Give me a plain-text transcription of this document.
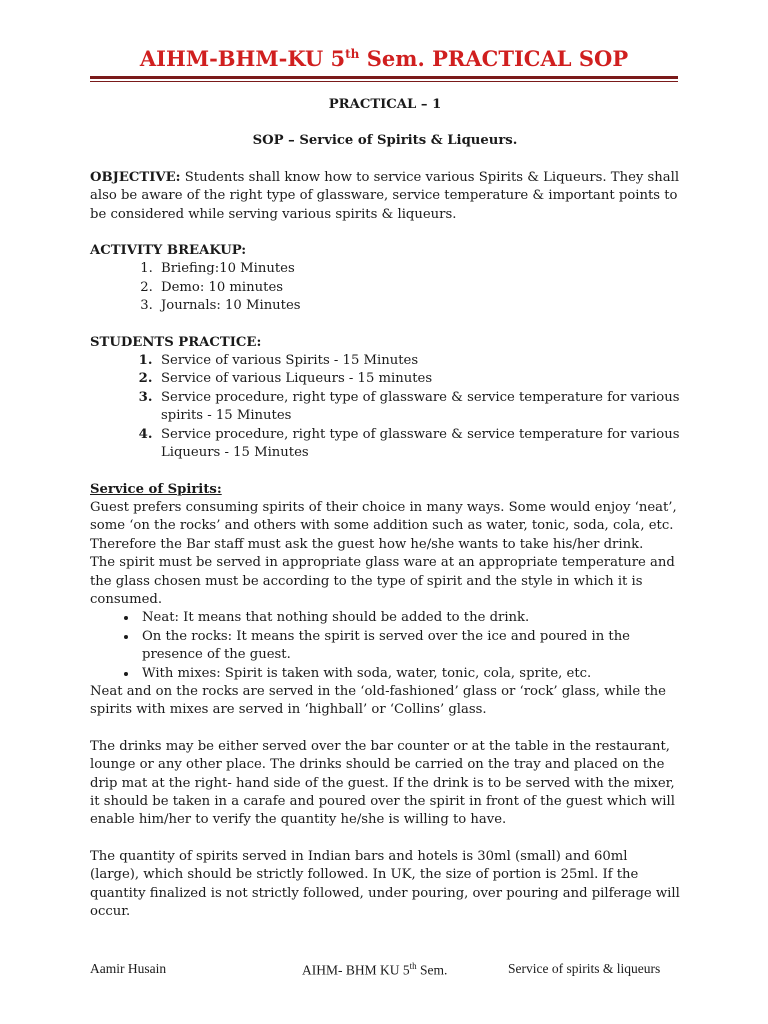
AIHM-BHM-KU 5th Sem. PRACTICAL SOP

PRACTICAL – 1

SOP – Service of Spirits & Liqueurs.

OBJECTIVE: Students shall know how to service various Spirits & Liqueurs. They shall also be aware of the right type of glassware, service temperature & important points to be considered while serving various spirits & liqueurs.

ACTIVITY BREAKUP:

1. Briefing:10 Minutes
2. Demo: 10 minutes
3. Journals: 10 Minutes

STUDENTS PRACTICE:

1. Service of various Spirits - 15 Minutes
2. Service of various Liqueurs - 15 minutes
3. Service procedure, right type of glassware & service temperature for various spirits - 15 Minutes
4. Service procedure, right type of glassware & service temperature for various Liqueurs - 15 Minutes

Service of Spirits:

Guest prefers consuming spirits of their choice in many ways. Some would enjoy ‘neat’, some ‘on the rocks’ and others with some addition such as water, tonic, soda, cola, etc. Therefore the Bar staff must ask the guest how he/she wants to take his/her drink.

The spirit must be served in appropriate glass ware at an appropriate temperature and the glass chosen must be according to the type of spirit and the style in which it is consumed.

• Neat: It means that nothing should be added to the drink.
• On the rocks: It means the spirit is served over the ice and poured in the presence of the guest.
• With mixes: Spirit is taken with soda, water, tonic, cola, sprite, etc.

Neat and on the rocks are served in the ‘old-fashioned’ glass or ‘rock’ glass, while the spirits with mixes are served in ‘highball’ or ‘Collins’ glass.

The drinks may be either served over the bar counter or at the table in the restaurant, lounge or any other place. The drinks should be carried on the tray and placed on the drip mat at the right- hand side of the guest. If the drink is to be served with the mixer, it should be taken in a carafe and poured over the spirit in front of the guest which will enable him/her to verify the quantity he/she is willing to have.

The quantity of spirits served in Indian bars and hotels is 30ml (small) and 60ml (large), which should be strictly followed. In UK, the size of portion is 25ml. If the quantity finalized is not strictly followed, under pouring, over pouring and pilferage will occur.

Aamir Husain	AIHM- BHM KU 5th Sem.	Service of spirits & liqueurs
